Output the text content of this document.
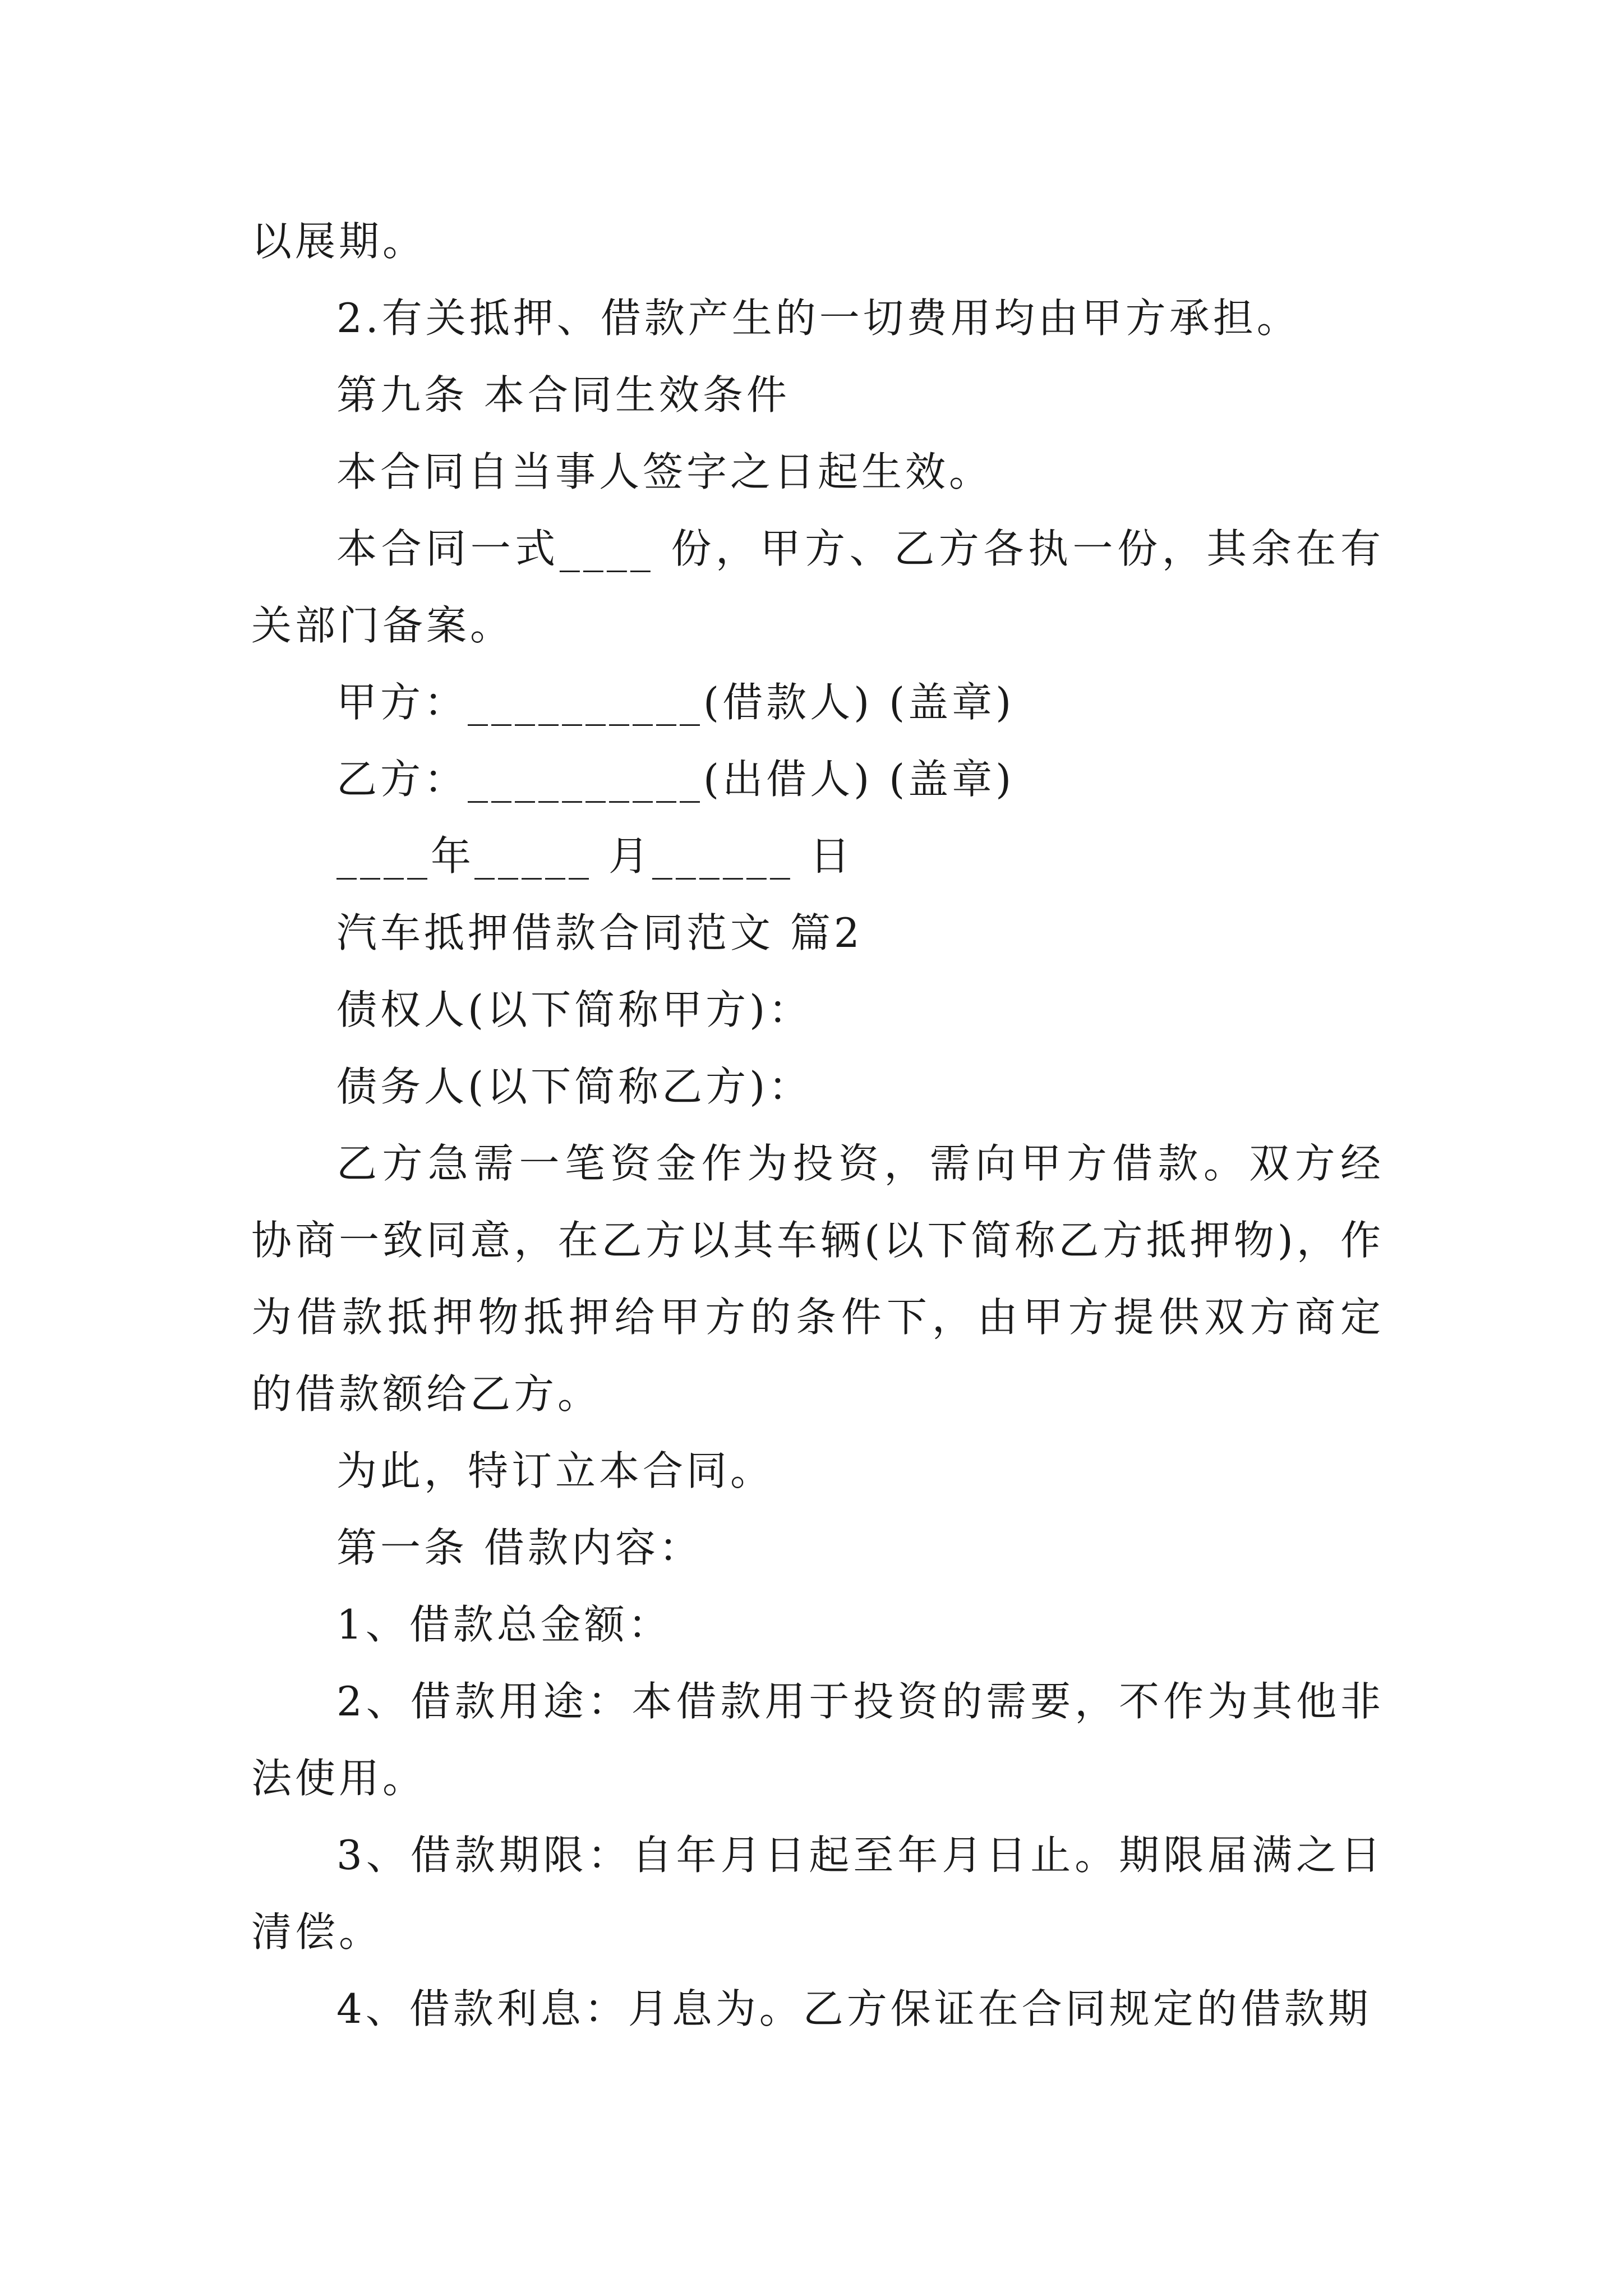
以展期。

2.有关抵押、借款产生的一切费用均由甲方承担。

第九条 本合同生效条件

本合同自当事人签字之日起生效。

本合同一式____ 份，甲方、乙方各执一份，其余在有关部门备案。

甲方：__________(借款人) (盖章)

乙方：__________(出借人) (盖章)

____年_____ 月______ 日

汽车抵押借款合同范文 篇2

债权人(以下简称甲方)：

债务人(以下简称乙方)：

乙方急需一笔资金作为投资，需向甲方借款。双方经协商一致同意，在乙方以其车辆(以下简称乙方抵押物)，作为借款抵押物抵押给甲方的条件下，由甲方提供双方商定的借款额给乙方。

为此，特订立本合同。

第一条 借款内容：

1、借款总金额：

2、借款用途：本借款用于投资的需要，不作为其他非法使用。

3、借款期限：自年月日起至年月日止。期限届满之日清偿。

4、借款利息：月息为。乙方保证在合同规定的借款期
